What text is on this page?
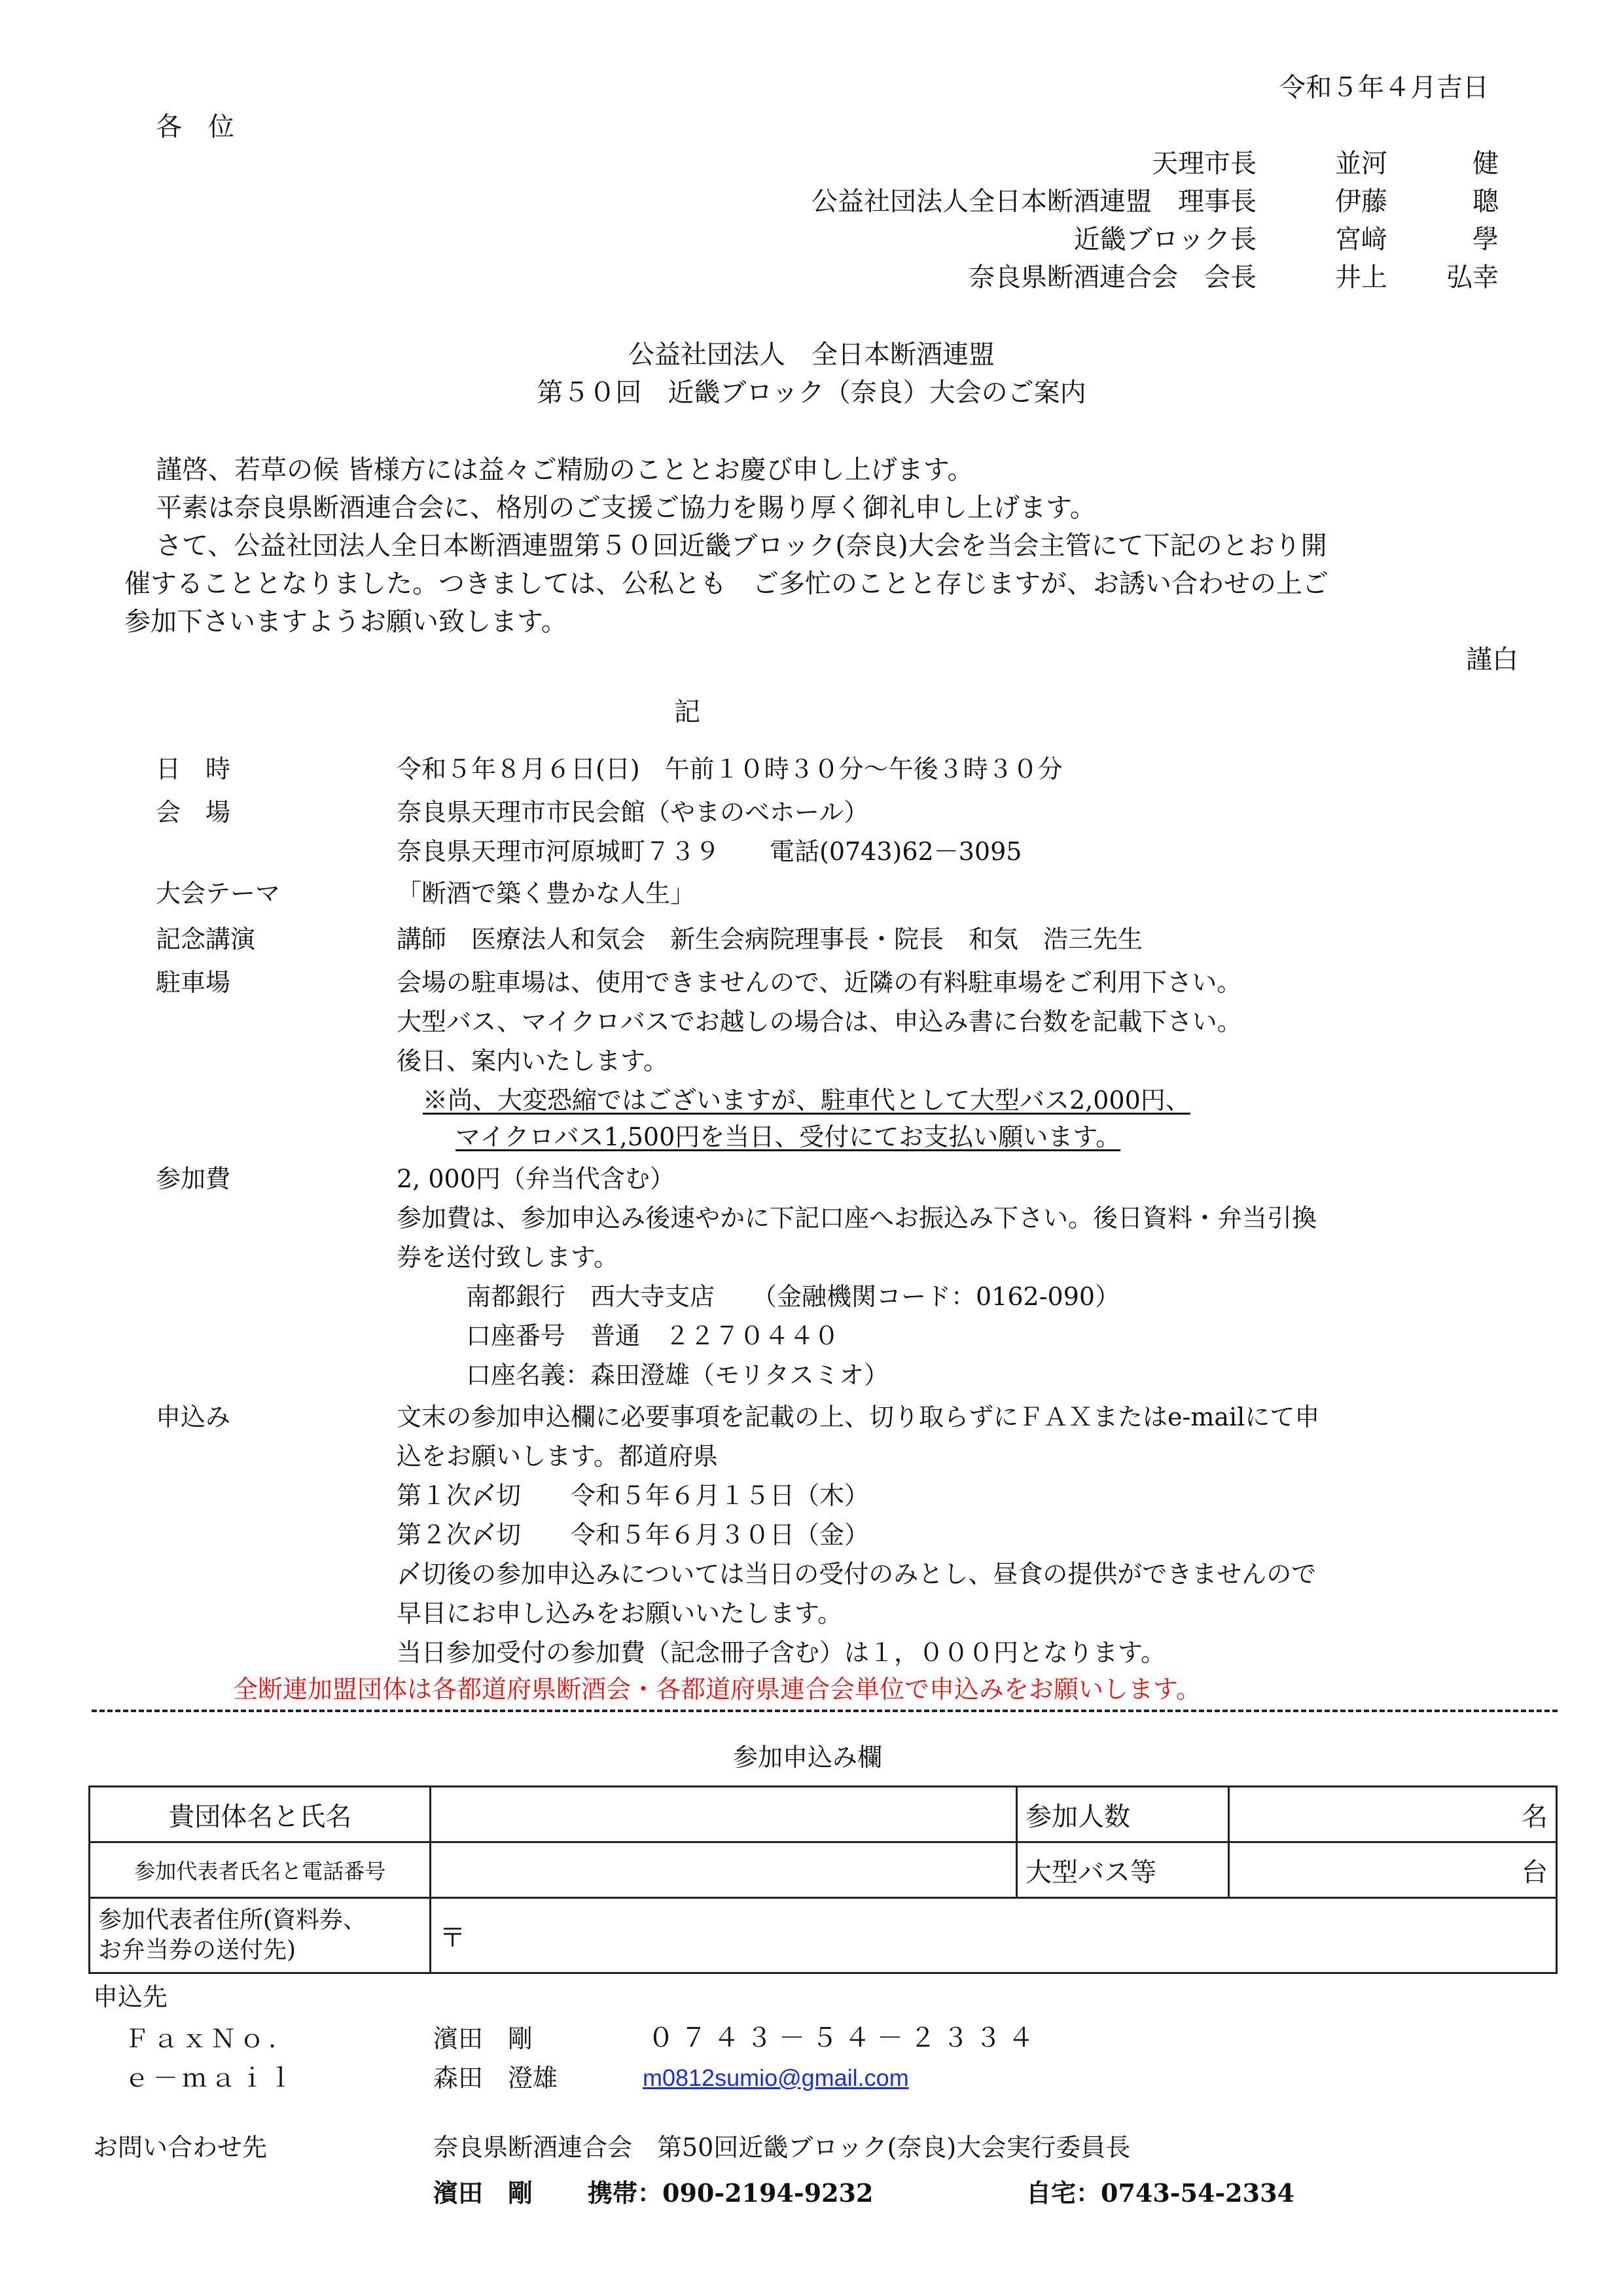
令和５年４月吉日
各　位
天理市長	並河	健
公益社団法人全日本断酒連盟　理事長	伊藤	聰
近畿ブロック長	宮﨑	學
奈良県断酒連合会　会長	井上 弘幸
公益社団法人　全日本断酒連盟
第５０回　近畿ブロック（奈良）大会のご案内
謹啓、若草の候 皆様方には益々ご精励のこととお慶び申し上げます。
平素は奈良県断酒連合会に、格別のご支援ご協力を賜り厚く御礼申し上げます。
さて、公益社団法人全日本断酒連盟第５０回近畿ブロック(奈良)大会を当会主管にて下記のとおり開
催することとなりました。つきましては、公私とも　ご多忙のことと存じますが、お誘い合わせの上ご
参加下さいますようお願い致します。
謹白
記
日　時	令和５年８月６日(日)　午前１０時３０分～午後３時３０分
会　場	奈良県天理市市民会館（やまのべホール）
奈良県天理市河原城町７３９　　電話(0743)62－3095
大会テーマ	「断酒で築く豊かな人生」
記念講演	講師　医療法人和気会　新生会病院理事長・院長　和気　浩三先生
駐車場	会場の駐車場は、使用できませんので、近隣の有料駐車場をご利用下さい。
大型バス、マイクロバスでお越しの場合は、申込み書に台数を記載下さい。
後日、案内いたします。
※尚、大変恐縮ではございますが、駐車代として大型バス2,000円、
マイクロバス1,500円を当日、受付にてお支払い願います。
参加費	2, 000円（弁当代含む）
参加費は、参加申込み後速やかに下記口座へお振込み下さい。後日資料・弁当引換
券を送付致します。
南都銀行　西大寺支店　　（金融機関コード：0162-090）
口座番号　普通　２２７０４４０
口座名義：森田澄雄（モリタスミオ）
申込み	文末の参加申込欄に必要事項を記載の上、切り取らずにＦＡＸまたはe-mailにて申
込をお願いします。都道府県
第１次〆切　　令和５年６月１５日（木）
第２次〆切　　令和５年６月３０日（金）
〆切後の参加申込みについては当日の受付のみとし、昼食の提供ができませんので
早目にお申し込みをお願いいたします。
当日参加受付の参加費（記念冊子含む）は１，０００円となります。
全断連加盟団体は各都道府県断酒会・各都道府県連合会単位で申込みをお願いします。
参加申込み欄
貴団体名と氏名		参加人数	名
参加代表者氏名と電話番号		大型バス等	台

参加代表者住所(資料券、
お弁当券の送付先)	〒		
申込先
ＦａｘＮｏ.	濱田　剛	０７４３－５４－２３３４
ｅ－ｍａｉｌ	森田　澄雄	m0812sumio@gmail.com
お問い合わせ先	奈良県断酒連合会　第50回近畿ブロック(奈良)大会実行委員長
濱田　剛 携帯：090-2194-9232	自宅：0743-54-2334
